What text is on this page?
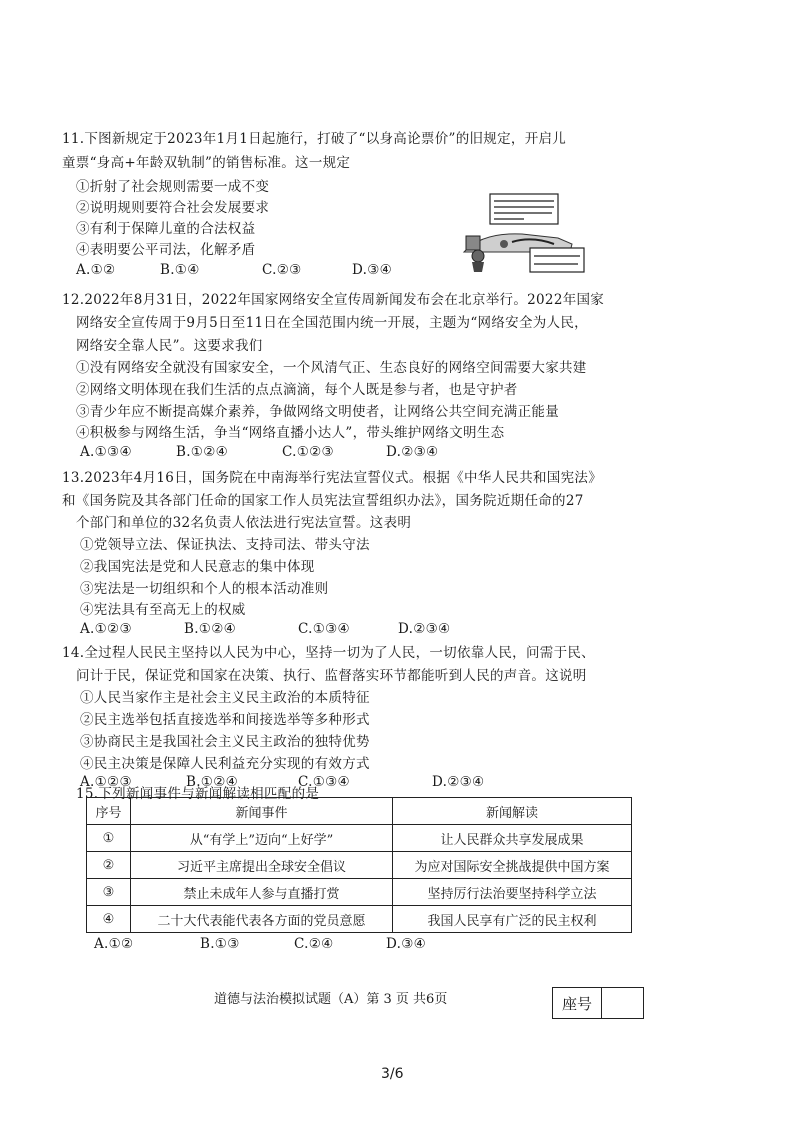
11.下图新规定于2023年1月1日起施行，打破了“以身高论票价”的旧规定，开启儿
童票“身高+年龄双轨制”的销售标准。这一规定
①折射了社会规则需要一成不变
②说明规则要符合社会发展要求
③有利于保障儿童的合法权益
④表明要公平司法，化解矛盾
A.①②	B.①④	C.②③	D.③④
12.2022年8月31日，2022年国家网络安全宣传周新闻发布会在北京举行。2022年国家
网络安全宣传周于9月5日至11日在全国范围内统一开展，主题为“网络安全为人民，
网络安全靠人民”。这要求我们
①没有网络安全就没有国家安全，一个风清气正、生态良好的网络空间需要大家共建
②网络文明体现在我们生活的点点滴滴，每个人既是参与者，也是守护者
③青少年应不断提高媒介素养，争做网络文明使者，让网络公共空间充满正能量
④积极参与网络生活，争当“网络直播小达人”，带头维护网络文明生态
A.①③④	B.①②④	C.①②③	D.②③④
13.2023年4月16日，国务院在中南海举行宪法宣誓仪式。根据《中华人民共和国宪法》
和《国务院及其各部门任命的国家工作人员宪法宣誓组织办法》，国务院近期任命的27
个部门和单位的32名负责人依法进行宪法宣誓。这表明
①党领导立法、保证执法、支持司法、带头守法
②我国宪法是党和人民意志的集中体现
③宪法是一切组织和个人的根本活动准则
④宪法具有至高无上的权威
A.①②③	B.①②④	C.①③④	D.②③④
14.全过程人民民主坚持以人民为中心，坚持一切为了人民，一切依靠人民，问需于民、
问计于民，保证党和国家在决策、执行、监督落实环节都能听到人民的声音。这说明
①人民当家作主是社会主义民主政治的本质特征
②民主选举包括直接选举和间接选举等多种形式
③协商民主是我国社会主义民主政治的独特优势
④民主决策是保障人民利益充分实现的有效方式
A.①②③	B.①②④	C.①③④	D.②③④
15.下列新闻事件与新闻解读相匹配的是
序号	新闻事件	新闻解读
①	从“有学上”迈向“上好学”	让人民群众共享发展成果
②	习近平主席提出全球安全倡议	为应对国际安全挑战提供中国方案
③	禁止未成年人参与直播打赏	坚持厉行法治要坚持科学立法
④	二十大代表能代表各方面的党员意愿	我国人民享有广泛的民主权利
A.①②	B.①③	C.②④	D.③④
道德与法治模拟试题（A）第 3 页 共6页	座号
3/6
